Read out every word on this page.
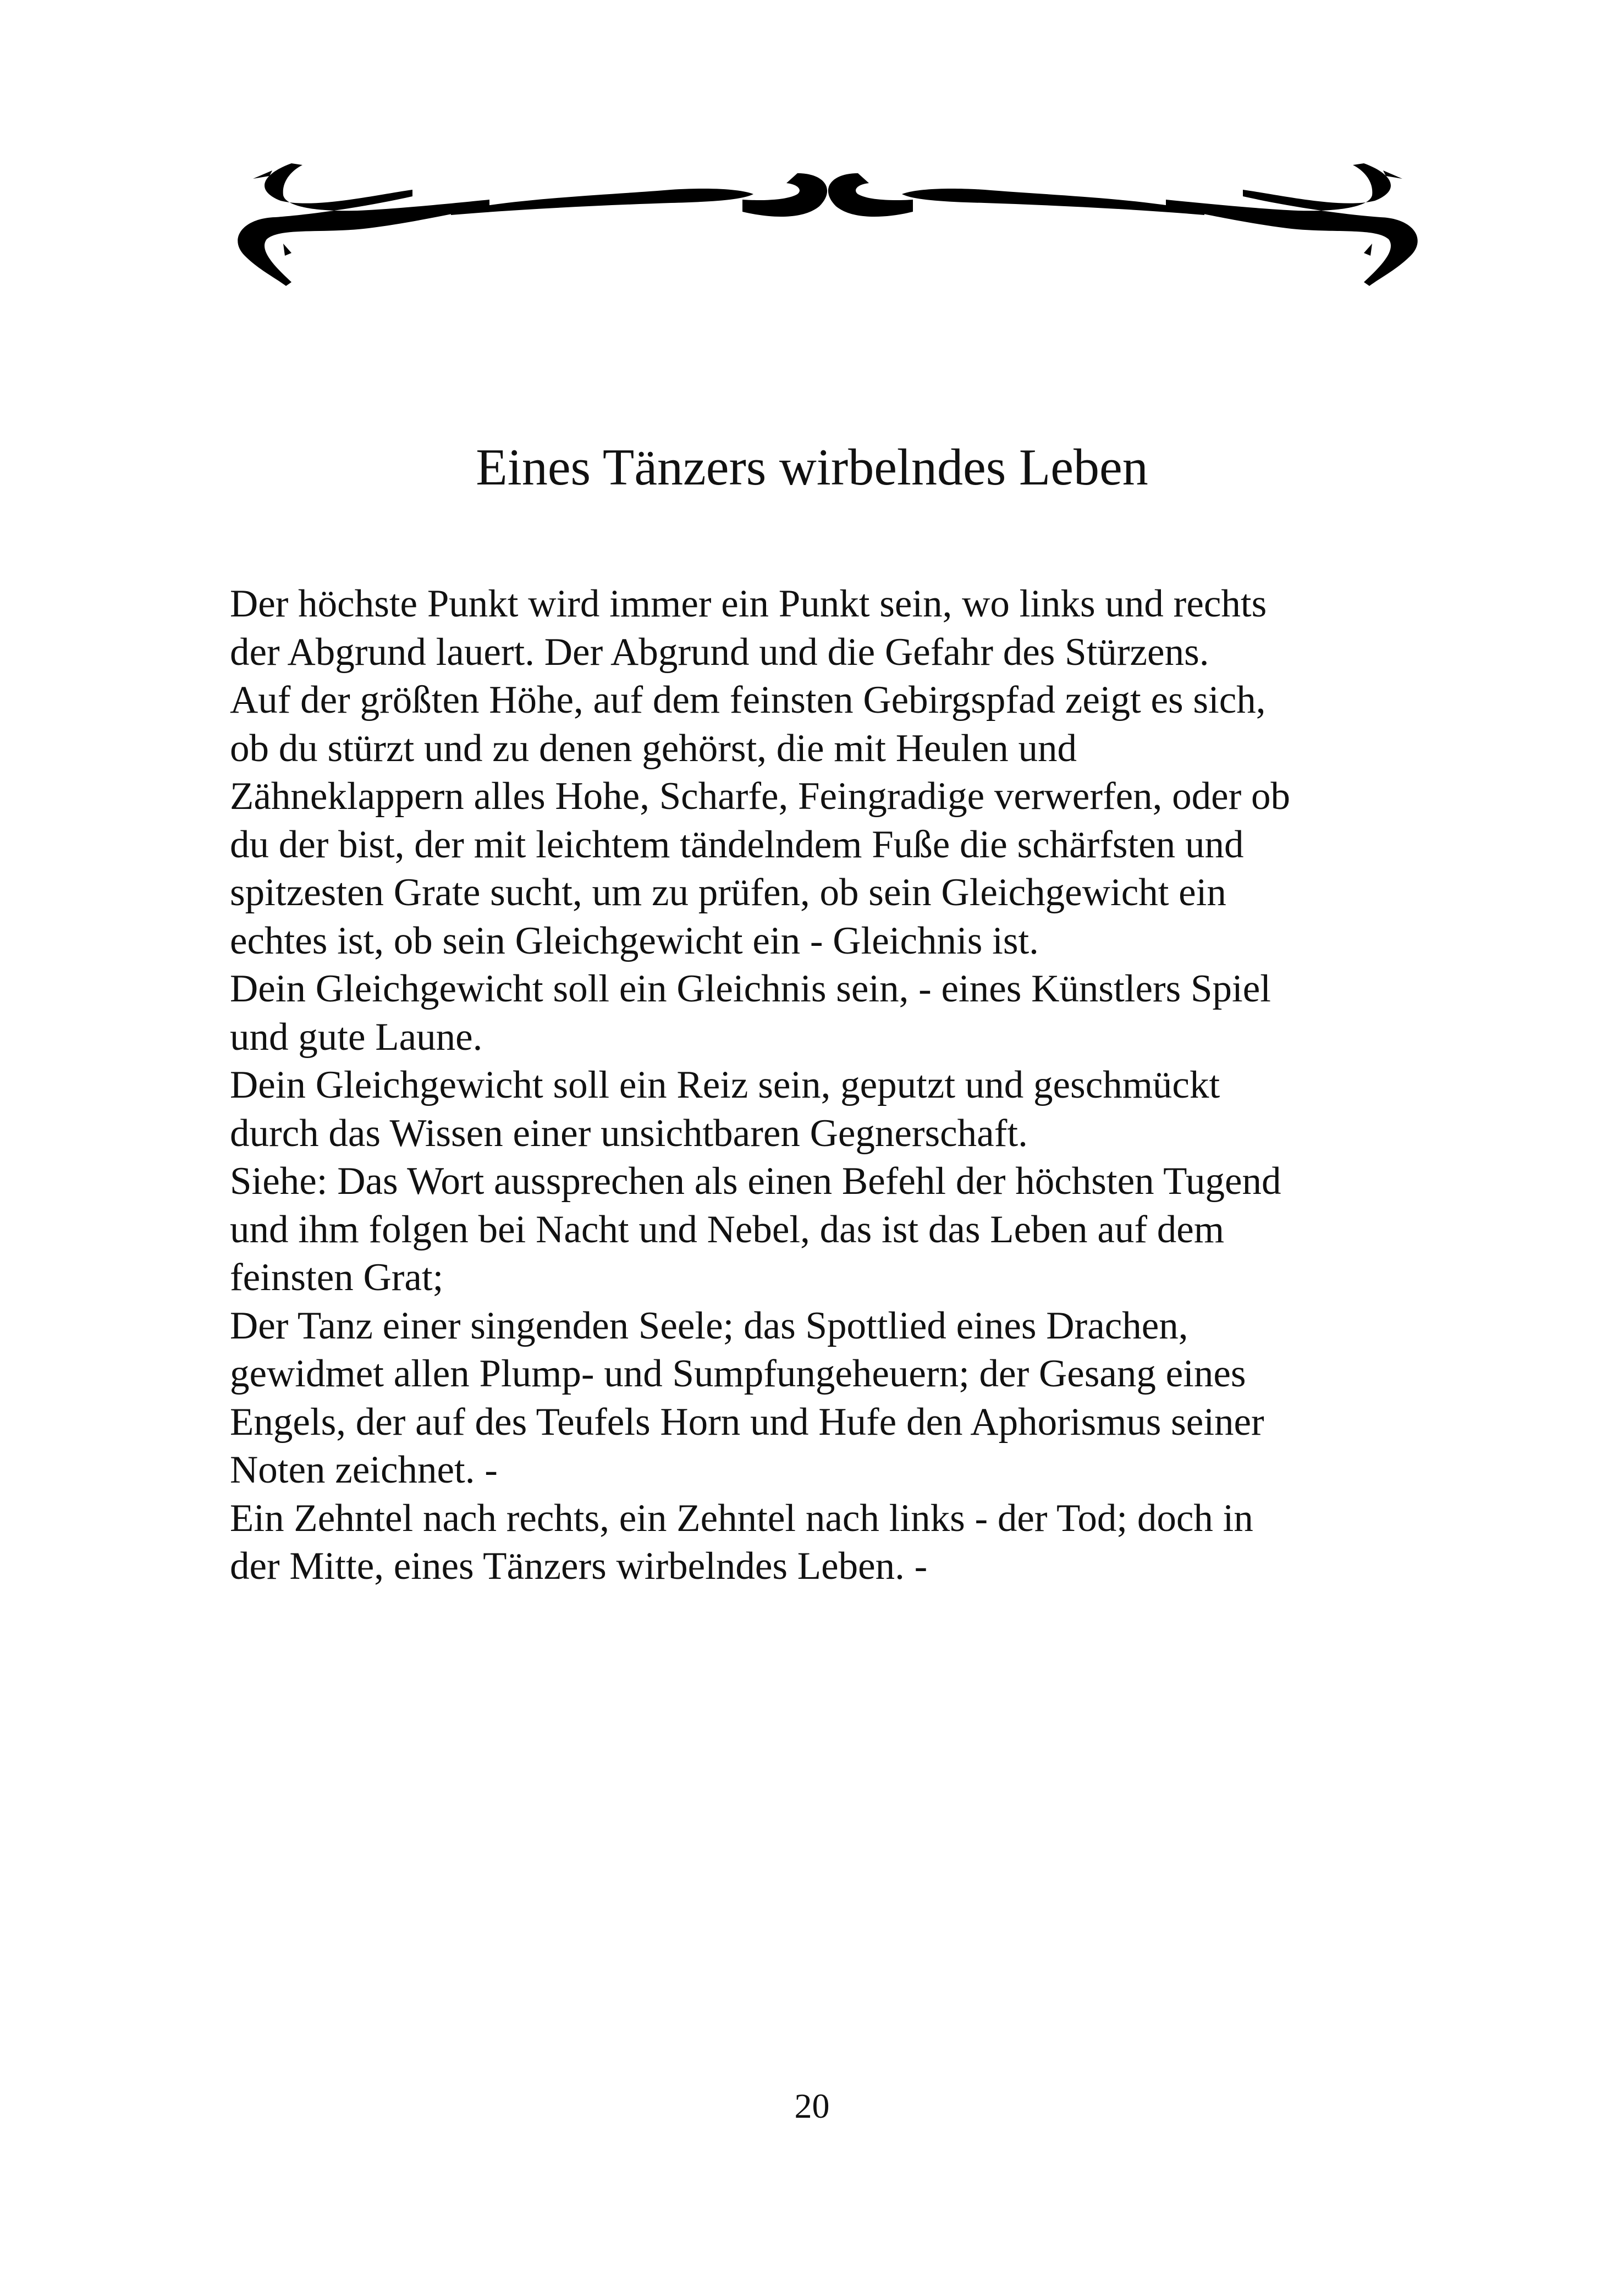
Eines Tänzers wirbelndes Leben
Der höchste Punkt wird immer ein Punkt sein, wo links und rechts
der Abgrund lauert. Der Abgrund und die Gefahr des Stürzens.
Auf der größten Höhe, auf dem feinsten Gebirgspfad zeigt es sich,
ob du stürzt und zu denen gehörst, die mit Heulen und
Zähneklappern alles Hohe, Scharfe, Feingradige verwerfen, oder ob
du der bist, der mit leichtem tändelndem Fuße die schärfsten und
spitzesten Grate sucht, um zu prüfen, ob sein Gleichgewicht ein
echtes ist, ob sein Gleichgewicht ein - Gleichnis ist.
Dein Gleichgewicht soll ein Gleichnis sein, - eines Künstlers Spiel
und gute Laune.
Dein Gleichgewicht soll ein Reiz sein, geputzt und geschmückt
durch das Wissen einer unsichtbaren Gegnerschaft.
Siehe: Das Wort aussprechen als einen Befehl der höchsten Tugend
und ihm folgen bei Nacht und Nebel, das ist das Leben auf dem
feinsten Grat;
Der Tanz einer singenden Seele; das Spottlied eines Drachen,
gewidmet allen Plump- und Sumpfungeheuern; der Gesang eines
Engels, der auf des Teufels Horn und Hufe den Aphorismus seiner
Noten zeichnet. -
Ein Zehntel nach rechts, ein Zehntel nach links - der Tod; doch in
der Mitte, eines Tänzers wirbelndes Leben. -
20
